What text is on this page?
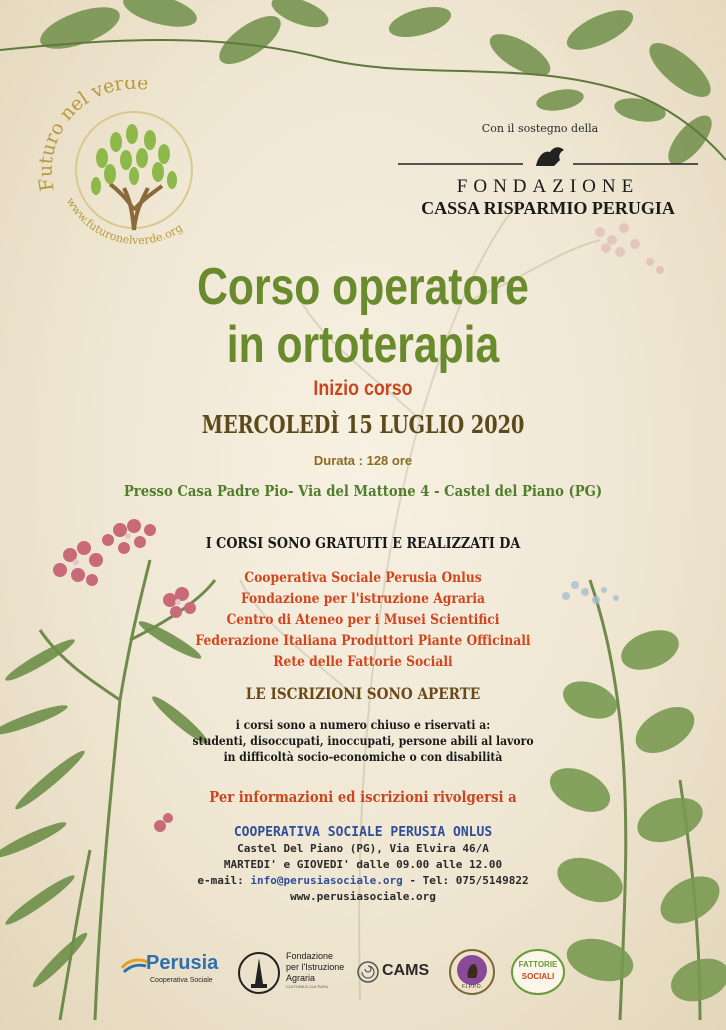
Futuro nel verde
www.futuronelverde.org
Con il sostegno della
FONDAZIONE
CASSA RISPARMIO PERUGIA
Corso operatore
in ortoterapia
Inizio corso
MERCOLEDÌ 15 LUGLIO 2020
Durata : 128 ore
Presso Casa Padre Pio- Via del Mattone 4 - Castel del Piano (PG)
I CORSI SONO GRATUITI E REALIZZATI DA
Cooperativa Sociale Perusia Onlus
Fondazione per l'istruzione Agraria
Centro di Ateneo per i Musei Scientifici
Federazione Italiana Produttori Piante Officinali
Rete delle Fattorie Sociali
LE ISCRIZIONI SONO APERTE
i corsi sono a numero chiuso e riservati a:
studenti, disoccupati, inoccupati, persone abili al lavoro
in difficoltà socio-economiche o con disabilità
Per informazioni ed iscrizioni rivolgersi a
COOPERATIVA SOCIALE PERUSIA ONLUS
Castel Del Piano (PG), Via Elvira 46/A
MARTEDI' e GIOVEDI' dalle 09.00 alle 12.00
e-mail: info@perusiasociale.org - Tel: 075/5149822
www.perusiasociale.org
Perusia
Cooperativa Sociale
Fondazione
per l'Istruzione
Agraria
CULTURA E CULTURA
CAMS
F.I.P.P.O.
FATTORIE
SOCIALI
